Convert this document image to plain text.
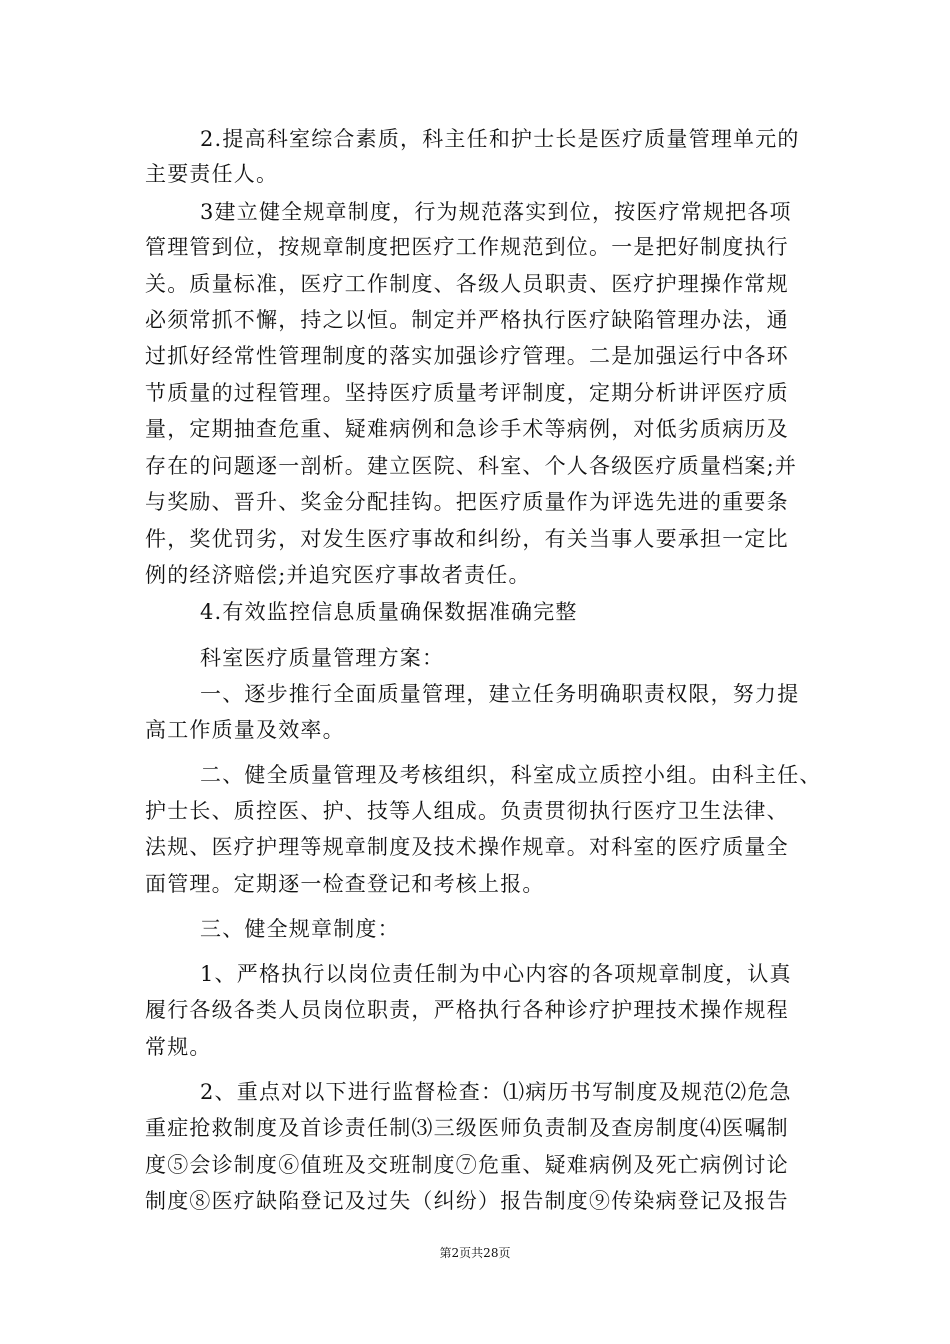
2.提高科室综合素质，科主任和护士长是医疗质量管理单元的
主要责任人。
3建立健全规章制度，行为规范落实到位，按医疗常规把各项
管理管到位，按规章制度把医疗工作规范到位。一是把好制度执行
关。质量标准，医疗工作制度、各级人员职责、医疗护理操作常规
必须常抓不懈，持之以恒。制定并严格执行医疗缺陷管理办法，通
过抓好经常性管理制度的落实加强诊疗管理。二是加强运行中各环
节质量的过程管理。坚持医疗质量考评制度，定期分析讲评医疗质
量，定期抽查危重、疑难病例和急诊手术等病例，对低劣质病历及
存在的问题逐一剖析。建立医院、科室、个人各级医疗质量档案;并
与奖励、晋升、奖金分配挂钩。把医疗质量作为评选先进的重要条
件，奖优罚劣，对发生医疗事故和纠纷，有关当事人要承担一定比
例的经济赔偿;并追究医疗事故者责任。
4.有效监控信息质量确保数据准确完整
科室医疗质量管理方案：
一、逐步推行全面质量管理，建立任务明确职责权限，努力提
高工作质量及效率。
二、健全质量管理及考核组织，科室成立质控小组。由科主任、
护士长、质控医、护、技等人组成。负责贯彻执行医疗卫生法律、
法规、医疗护理等规章制度及技术操作规章。对科室的医疗质量全
面管理。定期逐一检查登记和考核上报。
三、健全规章制度：
1、严格执行以岗位责任制为中心内容的各项规章制度，认真
履行各级各类人员岗位职责，严格执行各种诊疗护理技术操作规程
常规。
2、重点对以下进行监督检查：⑴病历书写制度及规范⑵危急
重症抢救制度及首诊责任制⑶三级医师负责制及查房制度⑷医嘱制
度⑤会诊制度⑥值班及交班制度⑦危重、疑难病例及死亡病例讨论
制度⑧医疗缺陷登记及过失（纠纷）报告制度⑨传染病登记及报告
第2页共28页
